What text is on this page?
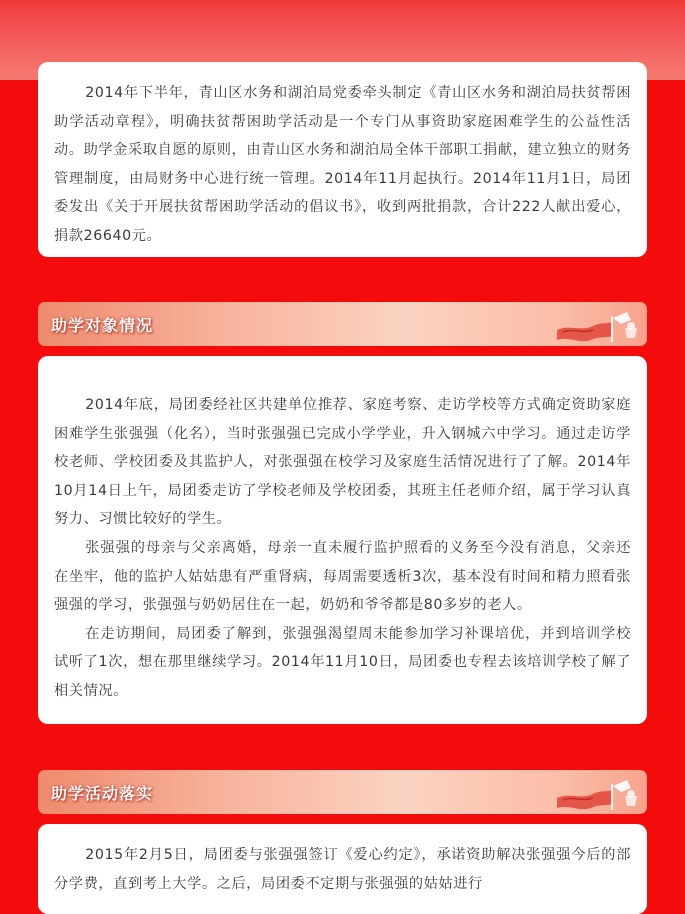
2014年下半年，青山区水务和湖泊局党委牵头制定《青山区水务和湖泊局扶贫帮困助学活动章程》，明确扶贫帮困助学活动是一个专门从事资助家庭困难学生的公益性活动。助学金采取自愿的原则，由青山区水务和湖泊局全体干部职工捐献，建立独立的财务管理制度，由局财务中心进行统一管理。2014年11月起执行。2014年11月1日，局团委发出《关于开展扶贫帮困助学活动的倡议书》，收到两批捐款，合计222人献出爱心，捐款26640元。

助学对象情况

2014年底，局团委经社区共建单位推荐、家庭考察、走访学校等方式确定资助家庭困难学生张强强（化名），当时张强强已完成小学学业，升入钢城六中学习。通过走访学校老师、学校团委及其监护人，对张强强在校学习及家庭生活情况进行了了解。2014年10月14日上午，局团委走访了学校老师及学校团委，其班主任老师介绍，属于学习认真努力、习惯比较好的学生。

张强强的母亲与父亲离婚，母亲一直未履行监护照看的义务至今没有消息，父亲还在坐牢，他的监护人姑姑患有严重肾病，每周需要透析3次，基本没有时间和精力照看张强强的学习，张强强与奶奶居住在一起，奶奶和爷爷都是80多岁的老人。

在走访期间，局团委了解到，张强强渴望周末能参加学习补课培优，并到培训学校试听了1次，想在那里继续学习。2014年11月10日，局团委也专程去该培训学校了解了相关情况。

助学活动落实

2015年2月5日，局团委与张强强签订《爱心约定》，承诺资助解决张强强今后的部分学费，直到考上大学。之后，局团委不定期与张强强的姑姑进行
